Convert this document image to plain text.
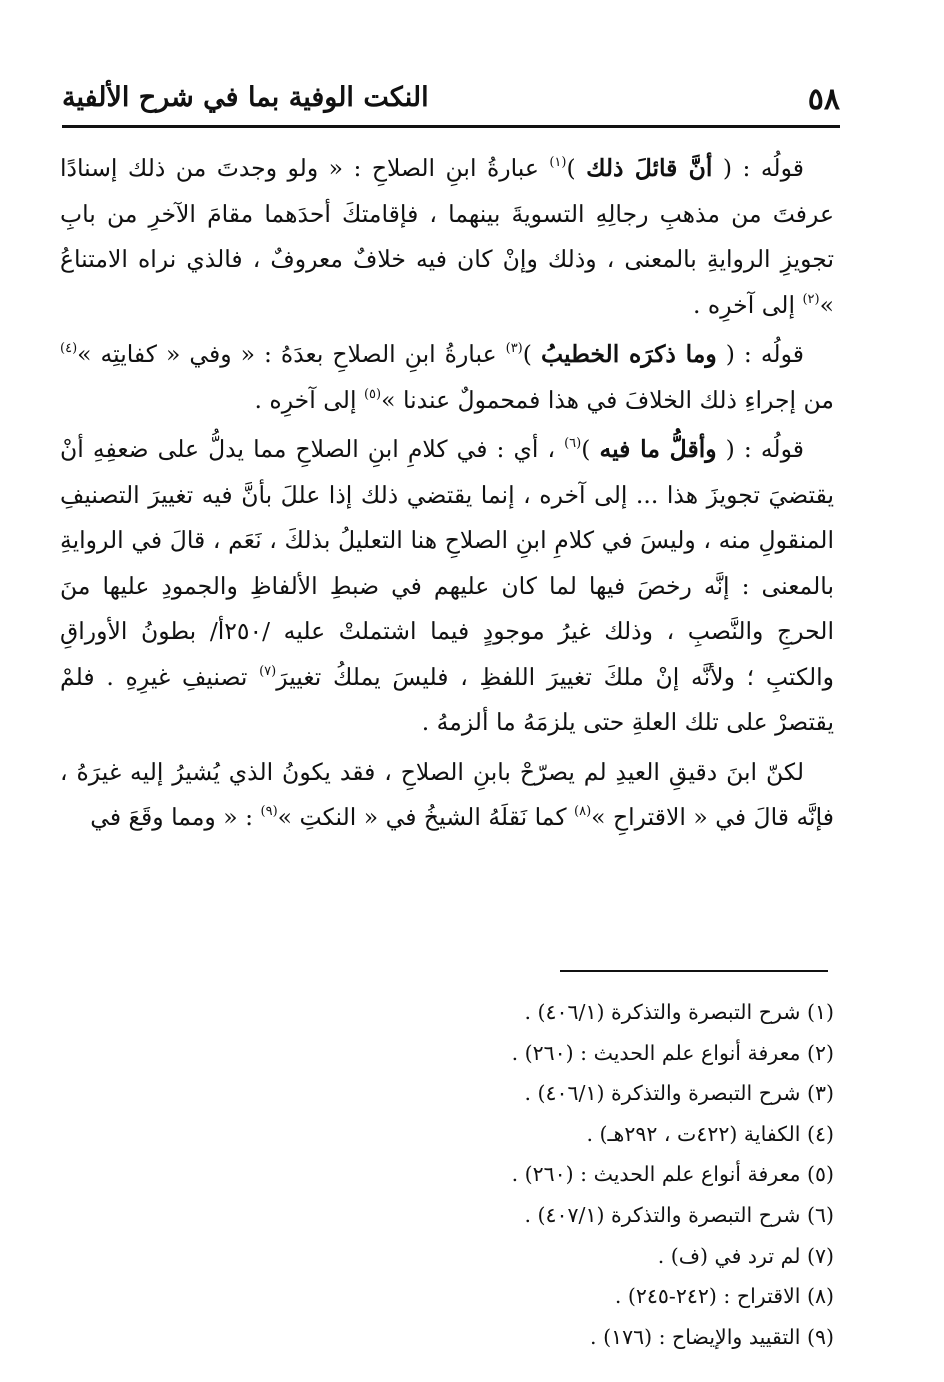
٥٨
النكت الوفية بما في شرح الألفية

قولُه : ( أنَّ قائلَ ذلك )$^{(١)}$ عبارةُ ابنِ الصلاحِ : « ولو وجدتَ من ذلك إسنادًا عرفتَ من مذهبِ رجالِهِ التسويةَ بينهما ، فإقامتكَ أحدَهما مقامَ الآخرِ من بابِ تجويزِ الروايةِ بالمعنى ، وذلك وإنْ كان فيه خلافٌ معروفٌ ، فالذي نراه الامتناعُ »$^{(٢)}$ إلى آخرِه .

قولُه : ( وما ذكرَه الخطيبُ )$^{(٣)}$ عبارةُ ابنِ الصلاحِ بعدَهُ : « وفي « كفايتِه »$^{(٤)}$ من إجراءِ ذلك الخلافَ في هذا فمحمولٌ عندنا »$^{(٥)}$ إلى آخرِه .

قولُه : ( وأقلُّ ما فيه )$^{(٦)}$ ، أي : في كلامِ ابنِ الصلاحِ مما يدلُّ على ضعفِهِ أنْ يقتضيَ تجويزَ هذا ... إلى آخره ، إنما يقتضي ذلك إذا عللَ بأنَّ فيه تغييرَ التصنيفِ المنقولِ منه ، وليسَ في كلامِ ابنِ الصلاحِ هنا التعليلُ بذلكَ ، نَعَم ، قالَ في الروايةِ بالمعنى : إنَّه رخصَ فيها لما كان عليهم في ضبطِ الألفاظِ والجمودِ عليها منَ الحرجِ والنَّصبِ ، وذلك غيرُ موجودٍ فيما اشتملتْ عليه /٢٥٠أ/ بطونُ الأوراقِ والكتبِ ؛ ولأنَّه إنْ ملكَ تغييرَ اللفظِ ، فليسَ يملكُ تغييرَ$^{(٧)}$ تصنيفِ غيرِهِ . فلمْ يقتصرْ على تلك العلةِ حتى يلزمَهُ ما ألزمهُ .

لكنّ ابنَ دقيقِ العيدِ لم يصرّحْ بابنِ الصلاحِ ، فقد يكونُ الذي يُشيرُ إليه غيرَهُ ، فإنَّه قالَ في « الاقتراحِ »$^{(٨)}$ كما نَقلَهُ الشيخُ في « النكتِ »$^{(٩)}$ : « ومما وقَعَ في

(١) شرح التبصرة والتذكرة (٤٠٦/١) .
(٢) معرفة أنواع علم الحديث : (٢٦٠) .
(٣) شرح التبصرة والتذكرة (٤٠٦/١) .
(٤) الكفاية (٤٢٢ت ، ٢٩٢هـ) .
(٥) معرفة أنواع علم الحديث : (٢٦٠) .
(٦) شرح التبصرة والتذكرة (٤٠٧/١) .
(٧) لم ترد في (ف) .
(٨) الاقتراح : (٢٤٢-٢٤٥) .
(٩) التقييد والإيضاح : (١٧٦) .
